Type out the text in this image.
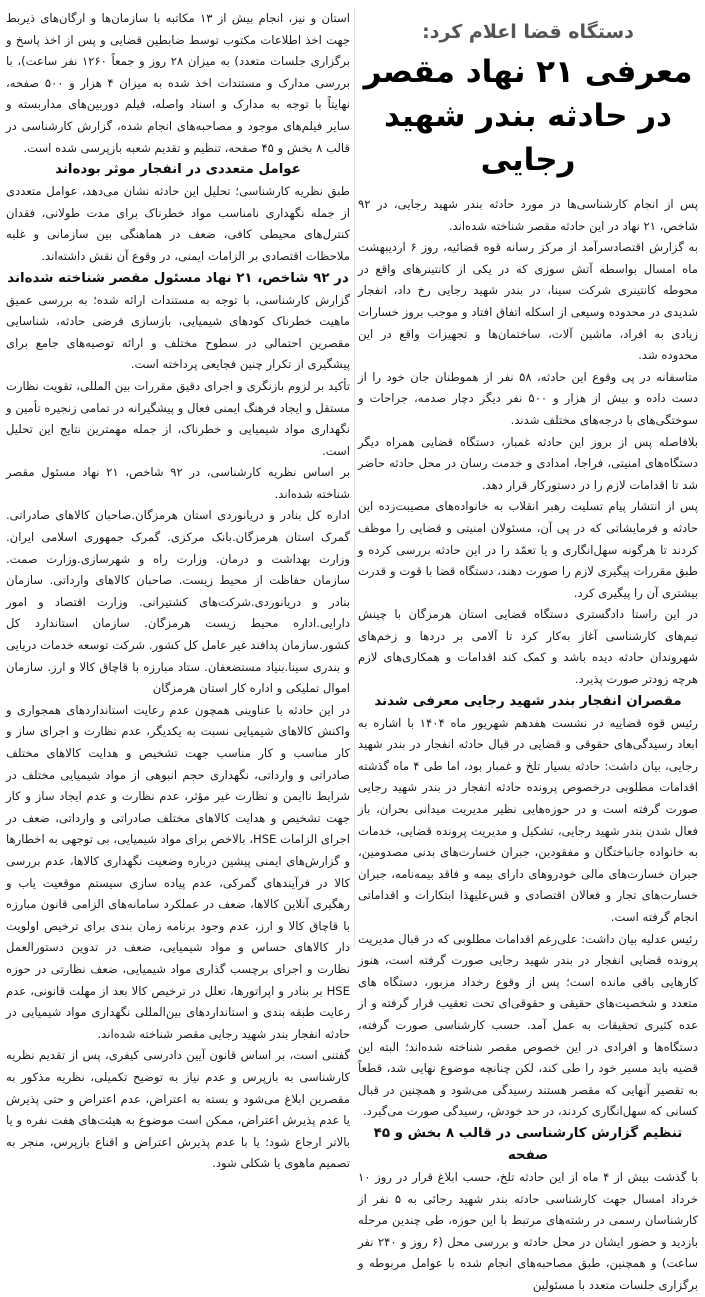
استان و نیز، انجام بیش از ۱۳ مکاتبه با سازمان‌ها و ارگان‌های ذیربط جهت اخذ اطلاعات مکتوب توسط ضابطین قضایی و پس از اخذ پاسخ و برگزاری جلسات متعدد) به میزان ۲۸ روز و جمعاً ۱۲۶۰ نفر ساعت)، با بررسی مدارک و مستندات اخذ شده به میزان ۴ هزار و ۵۰۰ صفحه، نهایتاً با توجه به مدارک و اسناد واصله، فیلم دوربین‌های مداربسته و سایر فیلم‌های موجود و مصاحبه‌های انجام شده، گزارش کارشناسی در قالب ۸ بخش و ۴۵ صفحه، تنظیم و تقدیم شعبه بازپرسی شده است.

عوامل متعددی در انفجار موثر بوده‌اند

طبق نظریه کارشناسی؛ تحلیل این حادثه نشان می‌دهد، عوامل متعددی از جمله نگهداری نامناسب مواد خطرناک برای مدت طولانی، فقدان کنترل‌های محیطی کافی، ضعف در هماهنگی بین سازمانی و غلبه ملاحظات اقتصادی بر الزامات ایمنی، در وقوع آن نقش داشته‌اند.

در ۹۲ شاخص، ۲۱ نهاد مسئول مقصر شناخته شده‌اند

گزارش کارشناسی، با توجه به مستندات ارائه شده؛ به بررسی عمیق ماهیت خطرناک کودهای شیمیایی، بازسازی فرضی حادثه، شناسایی مقصرین احتمالی در سطوح مختلف و ارائه توصیه‌های جامع برای پیشگیری از تکرار چنین فجایعی پرداخته است.

تأکید بر لزوم بازنگری و اجرای دقیق مقررات بین المللی، تقویت نظارت مستقل و ایجاد فرهنگ ایمنی فعال و پیشگیرانه در تمامی زنجیره تأمین و نگهداری مواد شیمیایی و خطرناک، از جمله مهمترین نتایج این تحلیل است.

بر اساس نظریه کارشناسی، در ۹۲ شاخص، ۲۱ نهاد مسئول مقصر شناخته شده‌اند.

اداره کل بنادر و دریانوردی استان هرمزگان.صاحبان کالاهای صادراتی. گمرک استان هرمزگان.بانک مرکزی. گمرک جمهوری اسلامی ایران. وزارت بهداشت و درمان. وزارت راه و شهرسازی.وزارت صمت. سازمان حفاظت از محیط زیست. صاحبان کالاهای وارداتی. سازمان بنادر و دریانوردی.شرکت‌های کشتیرانی. وزارت اقتصاد و امور دارایی.اداره محیط زیست هرمزگان. سازمان استاندارد کل کشور.سازمان پدافند غیر عامل کل کشور. شرکت توسعه خدمات دریایی و بندری سینا.بنیاد مستضعفان. ستاد مبارزه با قاچاق کالا و ارز. سازمان اموال تملیکی و اداره کار استان هرمزگان

در این حادثه با عناوینی همچون عدم رعایت استانداردهای همجواری و واکنش کالاهای شیمیایی نسبت به یکدیگر، عدم نظارت و اجرای ساز و کار مناسب و کار مناسب جهت تشخیص و هدایت کالاهای مختلف صادراتی و وارداتی، نگهداری حجم انبوهی از مواد شیمیایی مختلف در شرایط ناایمن و نظارت غیر مؤثر، عدم نظارت و عدم ایجاد ساز و کار جهت تشخیص و هدایت کالاهای مختلف صادراتی و وارداتی، ضعف در اجرای الزامات HSE، بالاخص برای مواد شیمیایی، بی توجهی به اخطارها و گزارش‌های ایمنی پیشین درباره وضعیت نگهداری کالاها، عدم بررسی کالا در فرآیندهای گمرکی، عدم پیاده سازی سیستم موقعیت یاب و رهگیری آنلاین کالاها، ضعف در عملکرد سامانه‌های الزامی قانون مبارزه با قاچاق کالا و ارز، عدم وجود برنامه زمان بندی برای ترخیص اولویت دار کالاهای حساس و مواد شیمیایی، ضعف در تدوین دستورالعمل نظارت و اجرای برچسب گذاری مواد شیمیایی، ضعف نظارتی در حوزه HSE بر بنادر و اپراتورها، تعلل در ترخیص کالا بعد از مهلت قانونی، عدم رعایت طبقه بندی و استانداردهای بین‌المللی نگهداری مواد شیمیایی در حادثه انفجار بندر شهید رجایی مقصر شناخته شده‌اند.

گفتنی است، بر اساس قانون آیین دادرسی کیفری، پس از تقدیم نظریه کارشناسی به بازپرس و عدم نیاز به توضیح تکمیلی، نظریه مذکور به مقصرین ابلاغ می‌شود و بسته به اعتراض، عدم اعتراض و حتی پذیرش یا عدم پذیرش اعتراض، ممکن است موضوع به هیئت‌های هفت نفره و یا بالاتر ارجاع شود؛ یا با عدم پذیرش اعتراض و اقناع بازپرس، منجر به تصمیم ماهوی یا شکلی شود.

دستگاه قضا اعلام کرد:
معرفی ۲۱ نهاد مقصر در حادثه بندر شهید رجایی

پس از انجام کارشناسی‌ها در مورد حادثه بندر شهید رجایی، در ۹۲ شاخص، ۲۱ نهاد در این حادثه مقصر شناخته شده‌اند.

به گزارش اقتصادسرآمد از مرکز رسانه قوه قضائیه، روز ۶ اردیبهشت ماه امسال بواسطه آتش سوزی که در یکی از کانتینرهای واقع در محوطه کانتینری شرکت سینا، در بندر شهید رجایی رخ داد، انفجار شدیدی در محدوده وسیعی از اسکله اتفاق افتاد و موجب بروز خسارات زیادی به افراد، ماشین آلات، ساختمان‌ها و تجهیزات واقع در این محدوده شد.

متاسفانه در پی وقوع این حادثه، ۵۸ نفر از هموطنان جان خود را از دست داده و بیش از هزار و ۵۰۰ نفر دیگر دچار صدمه، جراحات و سوختگی‌های با درجه‌های مختلف شدند.

بلافاصله پس از بروز این حادثه غمبار، دستگاه قضایی همراه دیگر دستگاه‌های امنیتی، فراجا، امدادی و خدمت رسان در محل حادثه حاضر شد تا اقدامات لازم را در دستورکار قرار دهد.

پس از انتشار پیام تسلیت رهبر انقلاب به خانواده‌های مصیبت‌زده این حادثه و فرمایشاتی که در پی آن، مسئولان امنیتی و قضایی را موظف کردند تا هرگونه سهل‌انگاری و یا تعمّد را در این حادثه بررسی کرده و طبق مقررات پیگیری لازم را صورت دهند، دستگاه قضا با قوت و قدرت بیشتری آن را پیگیری کرد.

در این راستا دادگستری دستگاه قضایی استان هرمزگان با چینش تیم‌های کارشناسی آغاز به‌کار کرد تا آلامی بر دردها و زخم‌های شهروندان حادثه دیده باشد و کمک کند اقدامات و همکاری‌های لازم هرچه زودتر صورت پذیرد.

مقصران انفجار بندر شهید رجایی معرفی شدند

رئیس قوه قضاییه در نشست هفدهم شهریور ماه ۱۴۰۴ با اشاره به ابعاد رسیدگی‌های حقوقی و قضایی در قبال حادثه انفجار در بندر شهید رجایی، بیان داشت: حادثه بسیار تلخ و غمبار بود، اما طی ۴ ماه گذشته اقدامات مطلوبی درخصوص پرونده حادثه انفجار در بندر شهید رجایی صورت گرفته است و در حوزه‌هایی نظیر مدیریت میدانی بحران، باز فعال شدن بندر شهید رجایی، تشکیل و مدیریت پرونده قضایی، خدمات به خانواده جانباختگان و مفقودین، جبران خسارت‌های بدنی مصدومین، جبران خسارت‌های مالی خودروهای دارای بیمه و فاقد بیمه‌نامه، جبران خسارت‌های تجار و فعالان اقتصادی و قس‌علیهذا ابتکارات و اقداماتی انجام گرفته است.

رئیس عدلیه بیان داشت: علی‌رغم اقدامات مطلوبی که در قبال مدیریت پرونده قضایی انفجار در بندر شهید رجایی صورت گرفته است، هنوز کارهایی باقی مانده است؛ پس از وقوع رخداد مزبور، دستگاه های متعدد و شخصیت‌های حقیقی و حقوقی‌ای تحت تعقیب قرار گرفته و از عده کثیری تحقیقات به عمل آمد. حسب کارشناسی صورت گرفته، دستگاه‌ها و افرادی در این خصوص مقصر شناخته شده‌اند؛ البته این قضیه باید مسیر خود را طی کند، لکن چنانچه موضوع نهایی شد، قطعاً به تقصیر آنهایی که مقصر هستند رسیدگی می‌شود و همچنین در قبال کسانی که سهل‌انگاری کردند، در حد خودش، رسیدگی صورت می‌گیرد.

تنظیم گزارش کارشناسی در قالب ۸ بخش و ۴۵ صفحه

با گذشت بیش از ۴ ماه از این حادثه تلخ، حسب ابلاغ قرار در روز ۱۰ خرداد امسال جهت کارشناسی حادثه بندر شهید رجائی به ۵ نفر از کارشناسان رسمی در رشته‌های مرتبط با این حوزه، طی چندین مرحله بازدید و حضور ایشان در محل حادثه و بررسی محل (۶ روز و ۲۴۰ نفر ساعت) و همچنین، طبق مصاحبه‌های انجام شده با عوامل مربوطه و برگزاری جلسات متعدد با مسئولین
